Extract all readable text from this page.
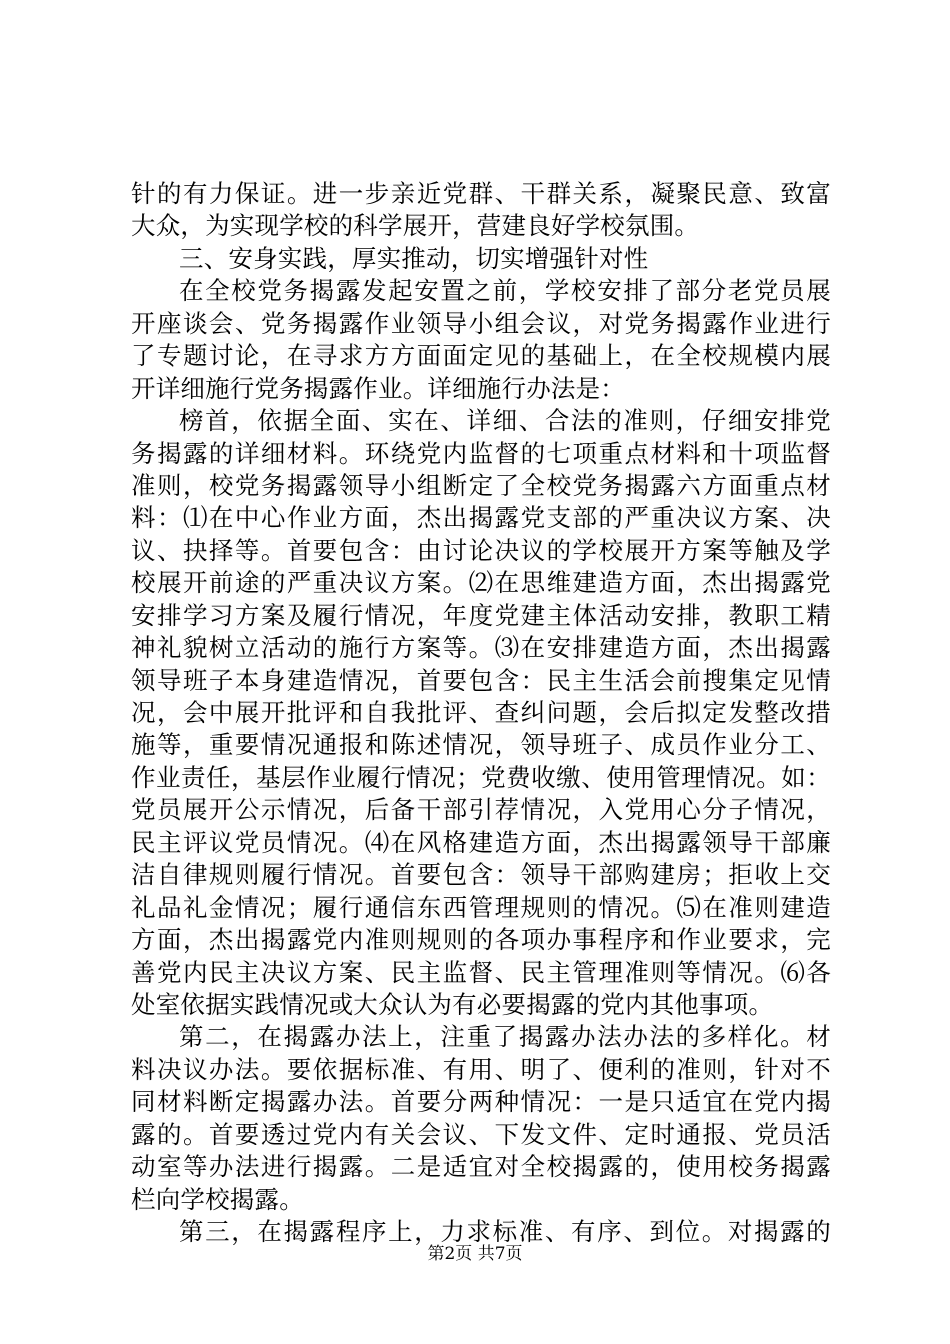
针的有力保证。进一步亲近党群、干群关系，凝聚民意、致富
大众，为实现学校的科学展开，营建良好学校氛围。
三、安身实践，厚实推动，切实增强针对性
在全校党务揭露发起安置之前，学校安排了部分老党员展
开座谈会、党务揭露作业领导小组会议，对党务揭露作业进行
了专题讨论，在寻求方方面面定见的基础上，在全校规模内展
开详细施行党务揭露作业。详细施行办法是：
榜首，依据全面、实在、详细、合法的准则，仔细安排党
务揭露的详细材料。环绕党内监督的七项重点材料和十项监督
准则，校党务揭露领导小组断定了全校党务揭露六方面重点材
料：⑴在中心作业方面，杰出揭露党支部的严重决议方案、决
议、抉择等。首要包含：由讨论决议的学校展开方案等触及学
校展开前途的严重决议方案。⑵在思维建造方面，杰出揭露党
安排学习方案及履行情况，年度党建主体活动安排，教职工精
神礼貌树立活动的施行方案等。⑶在安排建造方面，杰出揭露
领导班子本身建造情况，首要包含：民主生活会前搜集定见情
况，会中展开批评和自我批评、查纠问题，会后拟定发整改措
施等，重要情况通报和陈述情况，领导班子、成员作业分工、
作业责任，基层作业履行情况；党费收缴、使用管理情况。如：
党员展开公示情况，后备干部引荐情况，入党用心分子情况，
民主评议党员情况。⑷在风格建造方面，杰出揭露领导干部廉
洁自律规则履行情况。首要包含：领导干部购建房；拒收上交
礼品礼金情况；履行通信东西管理规则的情况。⑸在准则建造
方面，杰出揭露党内准则规则的各项办事程序和作业要求，完
善党内民主决议方案、民主监督、民主管理准则等情况。⑹各
处室依据实践情况或大众认为有必要揭露的党内其他事项。
第二，在揭露办法上，注重了揭露办法办法的多样化。材
料决议办法。要依据标准、有用、明了、便利的准则，针对不
同材料断定揭露办法。首要分两种情况：一是只适宜在党内揭
露的。首要透过党内有关会议、下发文件、定时通报、党员活
动室等办法进行揭露。二是适宜对全校揭露的，使用校务揭露
栏向学校揭露。
第三，在揭露程序上，力求标准、有序、到位。对揭露的
第2页 共7页
